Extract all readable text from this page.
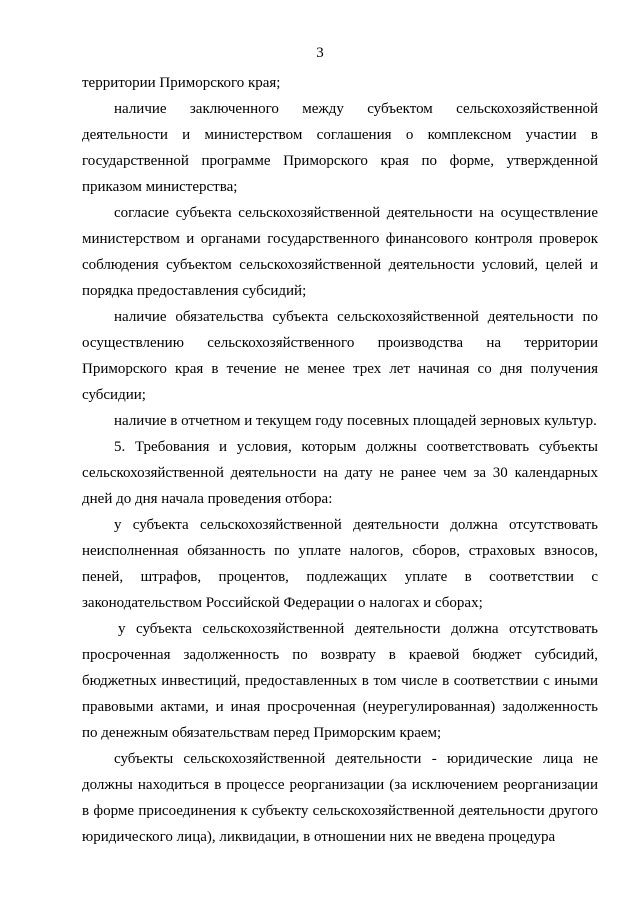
3

территории Приморского края;

наличие заключенного между субъектом сельскохозяйственной деятельности и министерством соглашения о комплексном участии в государственной программе Приморского края по форме, утвержденной приказом министерства;

согласие субъекта сельскохозяйственной деятельности на осуществление министерством и органами государственного финансового контроля проверок соблюдения субъектом сельскохозяйственной деятельности условий, целей и порядка предоставления субсидий;

наличие обязательства субъекта сельскохозяйственной деятельности по осуществлению сельскохозяйственного производства на территории Приморского края в течение не менее трех лет начиная со дня получения субсидии;

наличие в отчетном и текущем году посевных площадей зерновых культур.

5. Требования и условия, которым должны соответствовать субъекты сельскохозяйственной деятельности на дату не ранее чем за 30 календарных дней до дня начала проведения отбора:

у субъекта сельскохозяйственной деятельности должна отсутствовать неисполненная обязанность по уплате налогов, сборов, страховых взносов, пеней, штрафов, процентов, подлежащих уплате в соответствии с законодательством Российской Федерации о налогах и сборах;

у субъекта сельскохозяйственной деятельности должна отсутствовать просроченная задолженность по возврату в краевой бюджет субсидий, бюджетных инвестиций, предоставленных в том числе в соответствии с иными правовыми актами, и иная просроченная (неурегулированная) задолженность по денежным обязательствам перед Приморским краем;

субъекты сельскохозяйственной деятельности - юридические лица не должны находиться в процессе реорганизации (за исключением реорганизации в форме присоединения к субъекту сельскохозяйственной деятельности другого юридического лица), ликвидации, в отношении них не введена процедура
